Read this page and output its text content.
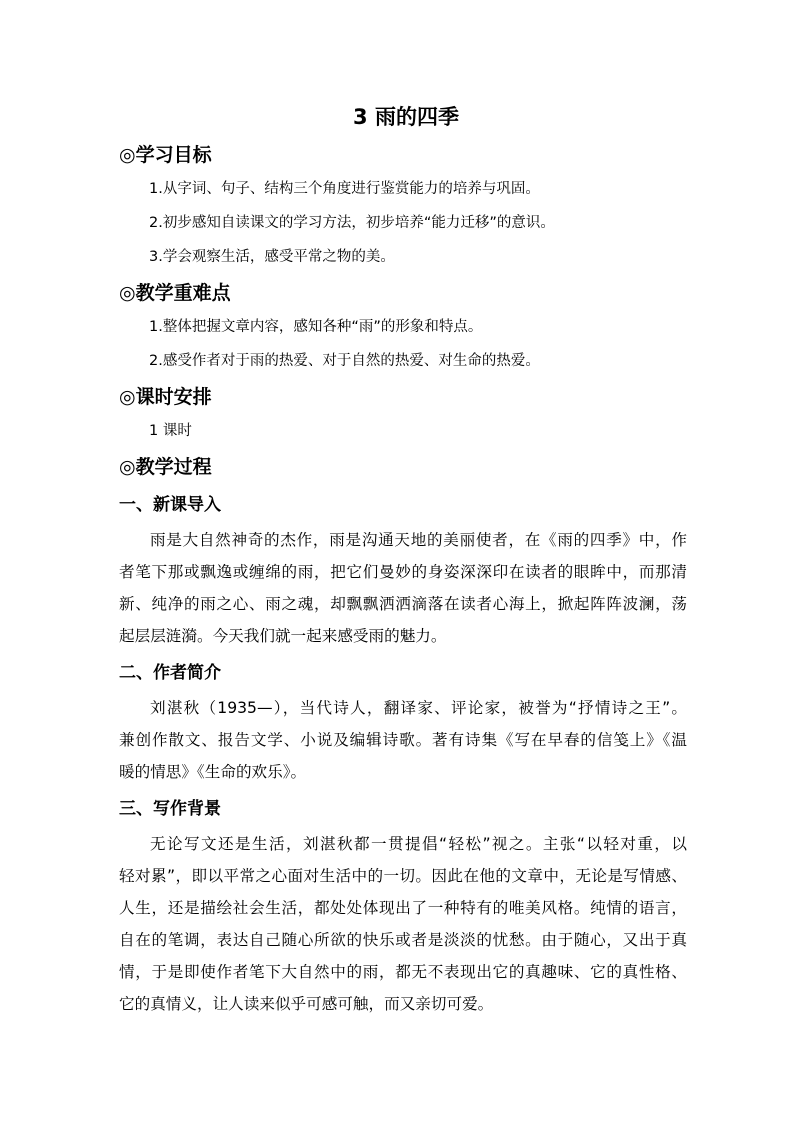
3 雨的四季
◎学习目标
1.从字词、句子、结构三个角度进行鉴赏能力的培养与巩固。
2.初步感知自读课文的学习方法，初步培养“能力迁移”的意识。
3.学会观察生活，感受平常之物的美。
◎教学重难点
1.整体把握文章内容，感知各种“雨”的形象和特点。
2.感受作者对于雨的热爱、对于自然的热爱、对生命的热爱。
◎课时安排
1 课时
◎教学过程
一、新课导入
雨是大自然神奇的杰作，雨是沟通天地的美丽使者，在《雨的四季》中，作
者笔下那或飘逸或缠绵的雨，把它们曼妙的身姿深深印在读者的眼眸中，而那清
新、纯净的雨之心、雨之魂，却飘飘洒洒滴落在读者心海上，掀起阵阵波澜，荡
起层层涟漪。今天我们就一起来感受雨的魅力。
二、作者简介
刘湛秋（1935—），当代诗人，翻译家、评论家，被誉为“抒情诗之王”。
兼创作散文、报告文学、小说及编辑诗歌。著有诗集《写在早春的信笺上》《温
暖的情思》《生命的欢乐》。
三、写作背景
无论写文还是生活，刘湛秋都一贯提倡“轻松”视之。主张“以轻对重，以
轻对累”，即以平常之心面对生活中的一切。因此在他的文章中，无论是写情感、
人生，还是描绘社会生活，都处处体现出了一种特有的唯美风格。纯情的语言，
自在的笔调，表达自己随心所欲的快乐或者是淡淡的忧愁。由于随心，又出于真
情，于是即使作者笔下大自然中的雨，都无不表现出它的真趣味、它的真性格、
它的真情义，让人读来似乎可感可触，而又亲切可爱。
